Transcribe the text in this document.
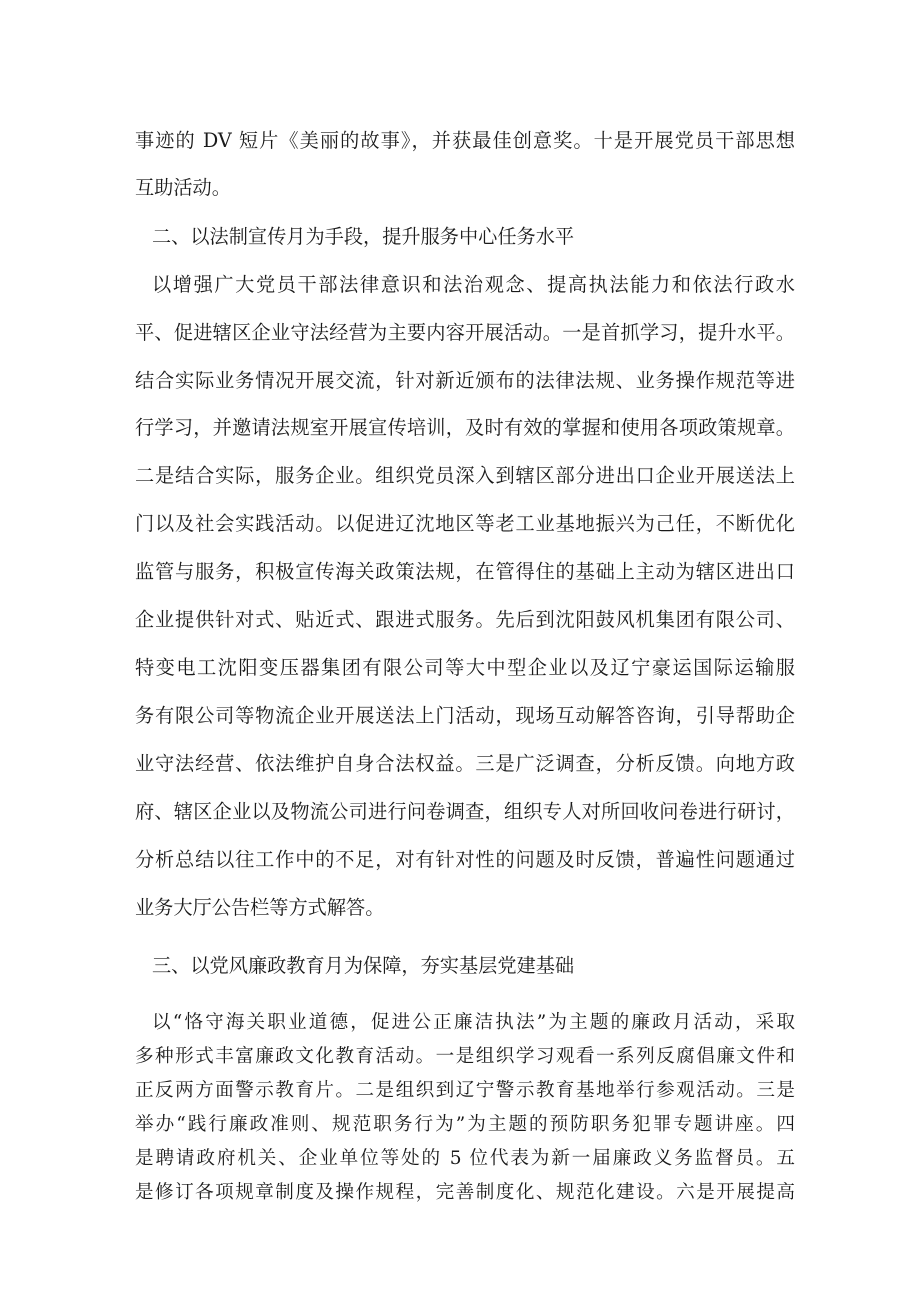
事迹的 DV 短片《美丽的故事》，并获最佳创意奖。十是开展党员干部思想
互助活动。
二、以法制宣传月为手段，提升服务中心任务水平
以增强广大党员干部法律意识和法治观念、提高执法能力和依法行政水
平、促进辖区企业守法经营为主要内容开展活动。一是首抓学习，提升水平。
结合实际业务情况开展交流，针对新近颁布的法律法规、业务操作规范等进
行学习，并邀请法规室开展宣传培训，及时有效的掌握和使用各项政策规章。
二是结合实际，服务企业。组织党员深入到辖区部分进出口企业开展送法上
门以及社会实践活动。以促进辽沈地区等老工业基地振兴为己任，不断优化
监管与服务，积极宣传海关政策法规，在管得住的基础上主动为辖区进出口
企业提供针对式、贴近式、跟进式服务。先后到沈阳鼓风机集团有限公司、
特变电工沈阳变压器集团有限公司等大中型企业以及辽宁豪运国际运输服
务有限公司等物流企业开展送法上门活动，现场互动解答咨询，引导帮助企
业守法经营、依法维护自身合法权益。三是广泛调查，分析反馈。向地方政
府、辖区企业以及物流公司进行问卷调查，组织专人对所回收问卷进行研讨，
分析总结以往工作中的不足，对有针对性的问题及时反馈，普遍性问题通过
业务大厅公告栏等方式解答。
三、以党风廉政教育月为保障，夯实基层党建基础
以“恪守海关职业道德，促进公正廉洁执法”为主题的廉政月活动，采取
多种形式丰富廉政文化教育活动。一是组织学习观看一系列反腐倡廉文件和
正反两方面警示教育片。二是组织到辽宁警示教育基地举行参观活动。三是
举办“践行廉政准则、规范职务行为”为主题的预防职务犯罪专题讲座。四
是聘请政府机关、企业单位等处的 5 位代表为新一届廉政义务监督员。五
是修订各项规章制度及操作规程，完善制度化、规范化建设。六是开展提高
